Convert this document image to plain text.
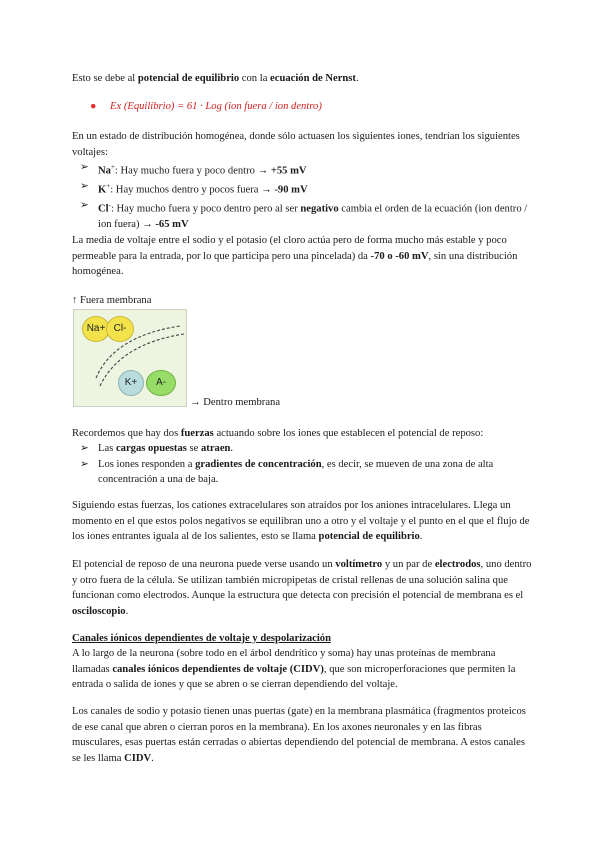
Esto se debe al potencial de equilibrio con la ecuación de Nernst.

●	Ex (Equilibrio) = 61 · Log (ion fuera / ion dentro)

En un estado de distribución homogénea, donde sólo actuasen los siguientes iones, tendrían los siguientes voltajes:

➢ Na+: Hay mucho fuera y poco dentro → +55 mV
➢ K+: Hay muchos dentro y pocos fuera → -90 mV
➢ Cl-: Hay mucho fuera y poco dentro pero al ser negativo cambia el orden de la ecuación (ion dentro / ion fuera) → -65 mV

La media de voltaje entre el sodio y el potasio (el cloro actúa pero de forma mucho más estable y poco permeable para la entrada, por lo que participa pero una pincelada) da -70 o -60 mV, sin una distribución homogénea.

↑ Fuera membrana

Na+ Cl-
K+	A-

→ Dentro membrana

Recordemos que hay dos fuerzas actuando sobre los iones que establecen el potencial de reposo:

➢ Las cargas opuestas se atraen.
➢ Los iones responden a gradientes de concentración, es decir, se mueven de una zona de alta concentración a una de baja.

Siguiendo estas fuerzas, los cationes extracelulares son atraídos por los aniones intracelulares. Llega un momento en el que estos polos negativos se equilibran uno a otro y el voltaje y el punto en el que el flujo de los iones entrantes iguala al de los salientes, esto se llama potencial de equilibrio.

El potencial de reposo de una neurona puede verse usando un voltímetro y un par de electrodos, uno dentro y otro fuera de la célula. Se utilizan también micropipetas de cristal rellenas de una solución salina que funcionan como electrodos. Aunque la estructura que detecta con precisión el potencial de membrana es el osciloscopio.

Canales iónicos dependientes de voltaje y despolarización

A lo largo de la neurona (sobre todo en el árbol dendrítico y soma) hay unas proteínas de membrana llamadas canales iónicos dependientes de voltaje (CIDV), que son microperforaciones que permiten la entrada o salida de iones y que se abren o se cierran dependiendo del voltaje.

Los canales de sodio y potasio tienen unas puertas (gate) en la membrana plasmática (fragmentos proteicos de ese canal que abren o cierran poros en la membrana). En los axones neuronales y en las fibras musculares, esas puertas están cerradas o abiertas dependiendo del potencial de membrana. A estos canales se les llama CIDV.
